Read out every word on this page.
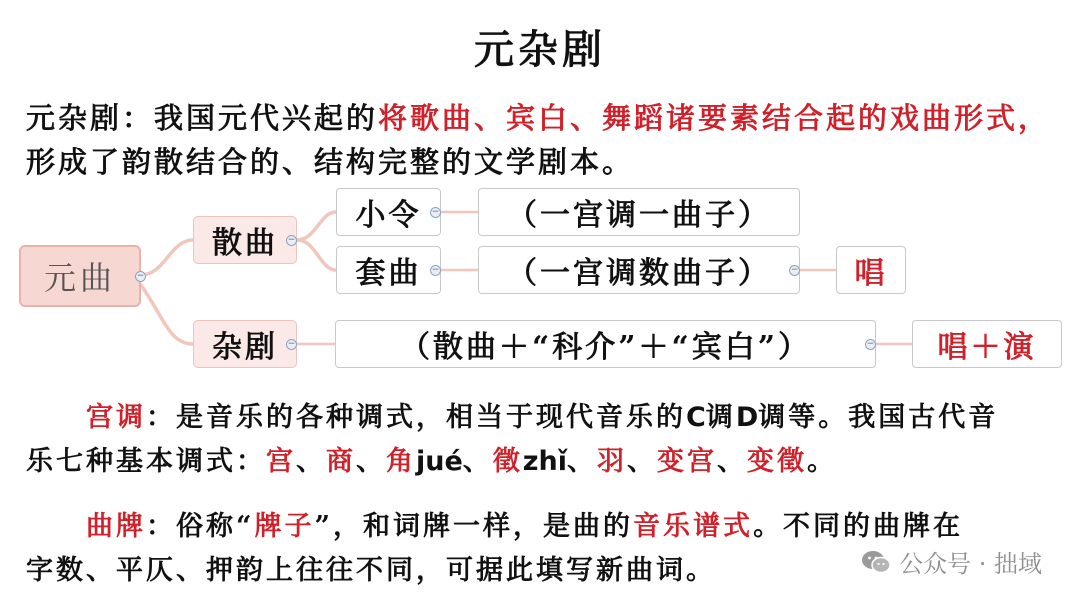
元杂剧
元杂剧：我国元代兴起的将歌曲、宾白、舞蹈诸要素结合起的戏曲形式，
形成了韵散结合的、结构完整的文学剧本。
元曲 −
散曲 −
杂剧 −
小令 −
套曲 −
（一宫调一曲子）
（一宫调数曲子） − 唱
（散曲＋“科介”＋“宾白”）	− 唱＋演
宫调：是音乐的各种调式，相当于现代音乐的C调D调等。我国古代音
乐七种基本调式：宫、商、角jué、徵zhǐ、羽、变宫、变徵。
曲牌：俗称“牌子”，和词牌一样，是曲的音乐谱式。不同的曲牌在
字数、平仄、押韵上往往不同，可据此填写新曲词。	公众号 · 拙域
